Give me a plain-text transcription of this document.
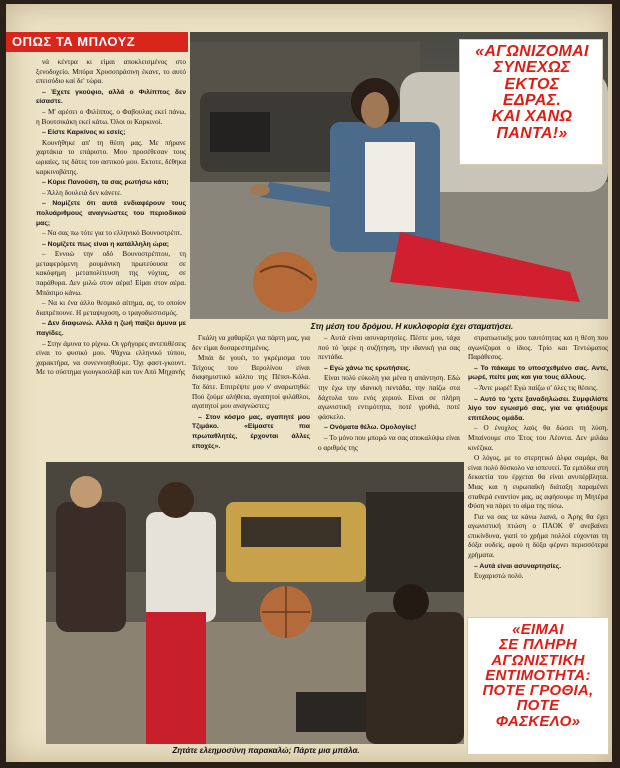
ΟΠΩΣ ΤΑ ΜΠΛΟΥΖ

νά κέντρα κι είμαι αποκλεισμένος στο ξενοδοχείο. Μπύρα Χρυσοπράσινη έκανε, το αυτό επεισόδιο καί δε' τώρα.

– Έχετε γκούφιο, αλλά ο Φιλίππος δεν είσαστε.

– Μ' αρέσει ο Φιλίππος, ο Φαβουλας εκεί πάνω, η Βουτσικάκη εκεί κάτω. Όλοι οι Καρκινοί.

– Είστε Καρκίνος κι εσείς;

Κουνήθηκε απ' τη θέση μας. Με πήρανε χαρτάκια το επάριστο. Μου προσέθεσαν τους ωριαίες, τις δάτες του αστικού μου. Εκτοτε, δέθηκα καρκινοβάτης.

– Κύριε Πανούση, τα σας ρωτήσω κάτι;

– Άλλη δουλειά δεν κάνετε.

– Νομίζετε ότι αυτά ενδιαφέρουν τους πολυάριθμους αναγνώστες του περιοδικού μας;

– Να σας πω τότε για το ελληνικό Βουνοστρέπτ.

– Νομίζετε πως είναι η κατάλληλη ώρα;

– Εννοώ την οδό Βουνοστρέπτου, τη μεταφερόμενη ρουμάνικη πρωτεύουσα σε κακόφημη μεταπολίτευση της νύχτας, σε παράθυρα. Δεν μιλώ στον αέρα! Είμαι στον αέρα. Μπάσιμο κάνω.

– Να κι ένα άλλο θεσμικό αίτημα, ας, το οποίον διαπρέπουνε. Η μεταψυχοση, ο τραγοδιεστισμός.

– Δεν διαφωνώ. Αλλά η ζωή παίζει άμυνα με παγίδες.

– Στην άμυνα το ρίχνω. Οι γρήγορες αντεπιθέσεις είναι το φυσικό μου. Ψάχνω ελληνικό τύπου, χαρακτήρα, να συνεννοηθούμε. Όχι φαστ-γκουντ. Με το σύστημα γιουγκοσλάβ και τον Από Μηχανής

«ΑΓΩΝΙΖΟΜΑΙ
ΣΥΝΕΧΩΣ
ΕΚΤΟΣ
ΕΔΡΑΣ.
ΚΑΙ ΧΑΝΩ
ΠΑΝΤΑ!»
Στη μέση του δρόμου. Η κυκλοφορία έχει σταματήσει.

Γκάλη να χαθαρίζει για πάρτη μας, για δεν είμαι δυσαρεστημένος.

Μπάι δε γουέι, το γκρέμισμα του Τείχους του Βερολίνου είναι διαφημιστικό κόλπο της Πέπσι-Κόλα. Τα δάτε. Επιτρέψτε μου ν' αναρωτηθώ: Πού ζούμε αλήθεια, αγαπητοί φιλάθλοι, αγαπητοί μου αναγνώστες;

– Στον κόσμο μας, αγαπητέ μου Τζιμάκο. «Είμαστε πια πρωταθλητές, έρχονται άλλες εποχές».

– Αυτά είναι ασυναρτησίες. Πέστε μου, τάχα πού τό 'φερε η συζήτηση, την ιδανική για σας πεντάδα.

– Εγώ χάνω τις ερωτήσεις.

Είναι πολύ εύκολη για μένα η απάντηση. Εδώ την έχω την ιδανική πεντάδα, την παίζω στα δάχτυλα του ενός χεριού. Είναι σε πλήρη αγωνιστική εντιμότητα, ποτέ γροθιά, ποτέ φάσκελο.

– Ονόματα θέλω. Ομολογίες!

– Το μόνο που μπορώ να σας αποκαλύψω είναι ο αριθμός της

στρατιωτικής μου ταυτότητας και η θέση που αγωνίζομαι ο ίδιος. Τρίο και Τεντώματος Παράθεσος.

– Το πάκαμε το υποσχεθμένο σας. Αντε, μωρέ, πείτε μας και για τους άλλους.

– Άντε μωρέ! Εγώ παίζω σ' όλες τις θέσεις.

– Αυτό το 'χετε ξαναδηλώσει. Συμφιλίστε λίγο τον εγωισμό σας, για να φτιάξουμε επιτέλους ομάδα.

– Ο ένοχλος λαός θα δώσει τη λύση. Μπαίνουμε στο Έτος του Λέοντα. Δεν μιλάω κινέζικα.

Ο λόγος, με το στερητικό άλφα σαμάρι, θα είναι πολύ δύσκολο να ισπευτεί. Τα εμπόδια στη δεκαετία του έρχεται θα είναι ανυπέρβλητα. Μιας και η ευρωπαϊκή διάταξη παραμένει σταθερά εναντίον μας, ας αφήσουμε τη Μητέρα Φύση να πάρει το αίμα της πίσω.

Για να σας τα κάνω λιανά, ο Άρης θα έχει αγωνιστική πτώση ο ΠΑΟΚ θ' ανεβαίνει επικίνδυνα, γιατί το χρήμα πολλοί εύχονται τη δόξα ουδείς, αφού η δόξα φέρνει περισσότερα χρήματα.

– Αυτά είναι ασυναρτησίες.

Ευχαριστώ πολύ.

Ζητάτε ελεημοσύνη παρακαλώ; Πάρτε μια μπάλα.
«ΕΙΜΑΙ
ΣΕ ΠΛΗΡΗ
ΑΓΩΝΙΣΤΙΚΗ
ΕΝΤΙΜΟΤΗΤΑ:
ΠΟΤΕ ΓΡΟΘΙΑ,
ΠΟΤΕ
ΦΑΣΚΕΛΟ»
